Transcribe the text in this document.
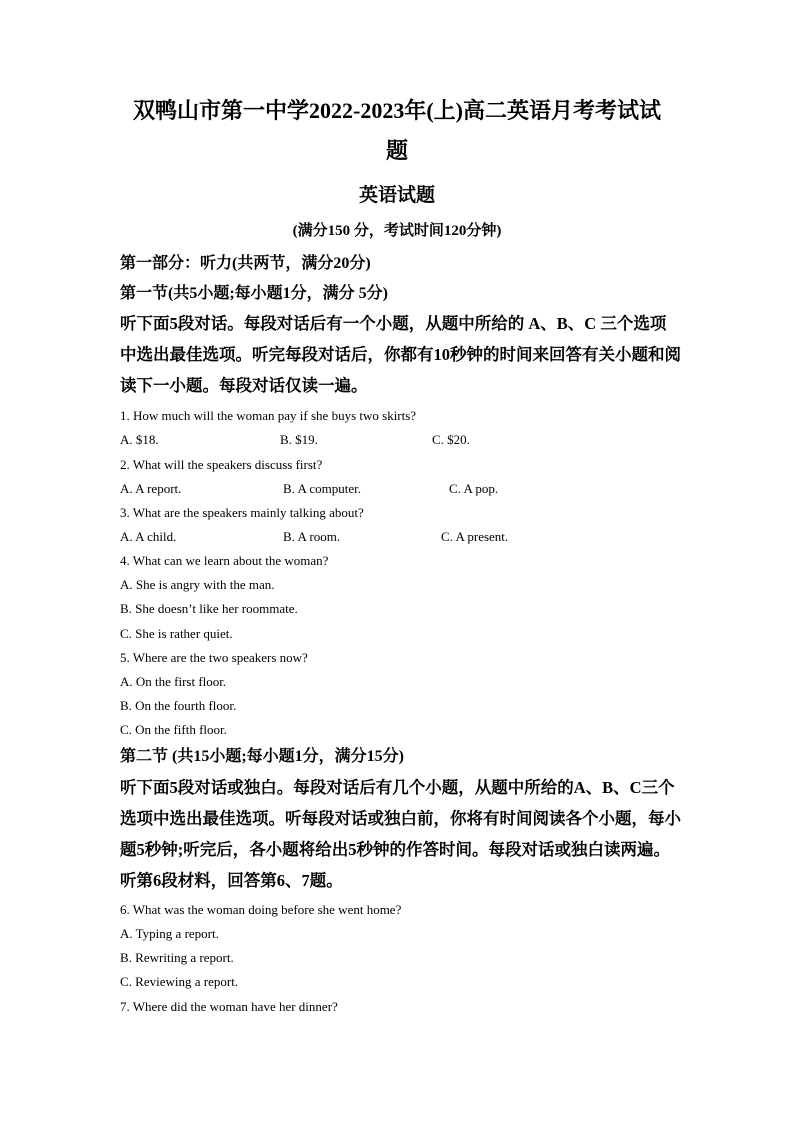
双鸭山市第一中学2022-2023年(上)高二英语月考考试试
题
英语试题
(满分150 分，考试时间120分钟)
第一部分：听力(共两节，满分20分)
第一节(共5小题;每小题1分，满分 5分)
听下面5段对话。每段对话后有一个小题，从题中所给的 A、B、C 三个选项
中选出最佳选项。听完每段对话后，你都有10秒钟的时间来回答有关小题和阅
读下一小题。每段对话仅读一遍。
1. How much will the woman pay if she buys two skirts?
A. $18.	B. $19.	C. $20.
2. What will the speakers discuss first?
A. A report.	B. A computer.	C. A pop.
3. What are the speakers mainly talking about?
A. A child.	B. A room.	C. A present.
4. What can we learn about the woman?
A. She is angry with the man.
B. She doesn’t like her roommate.
C. She is rather quiet.
5. Where are the two speakers now?
A. On the first floor.
B. On the fourth floor.
C. On the fifth floor.
第二节 (共15小题;每小题1分，满分15分)
听下面5段对话或独白。每段对话后有几个小题，从题中所给的A、B、C三个
选项中选出最佳选项。听每段对话或独白前，你将有时间阅读各个小题，每小
题5秒钟;听完后，各小题将给出5秒钟的作答时间。每段对话或独白读两遍。
听第6段材料，回答第6、7题。
6. What was the woman doing before she went home?
A. Typing a report.
B. Rewriting a report.
C. Reviewing a report.
7. Where did the woman have her dinner?
